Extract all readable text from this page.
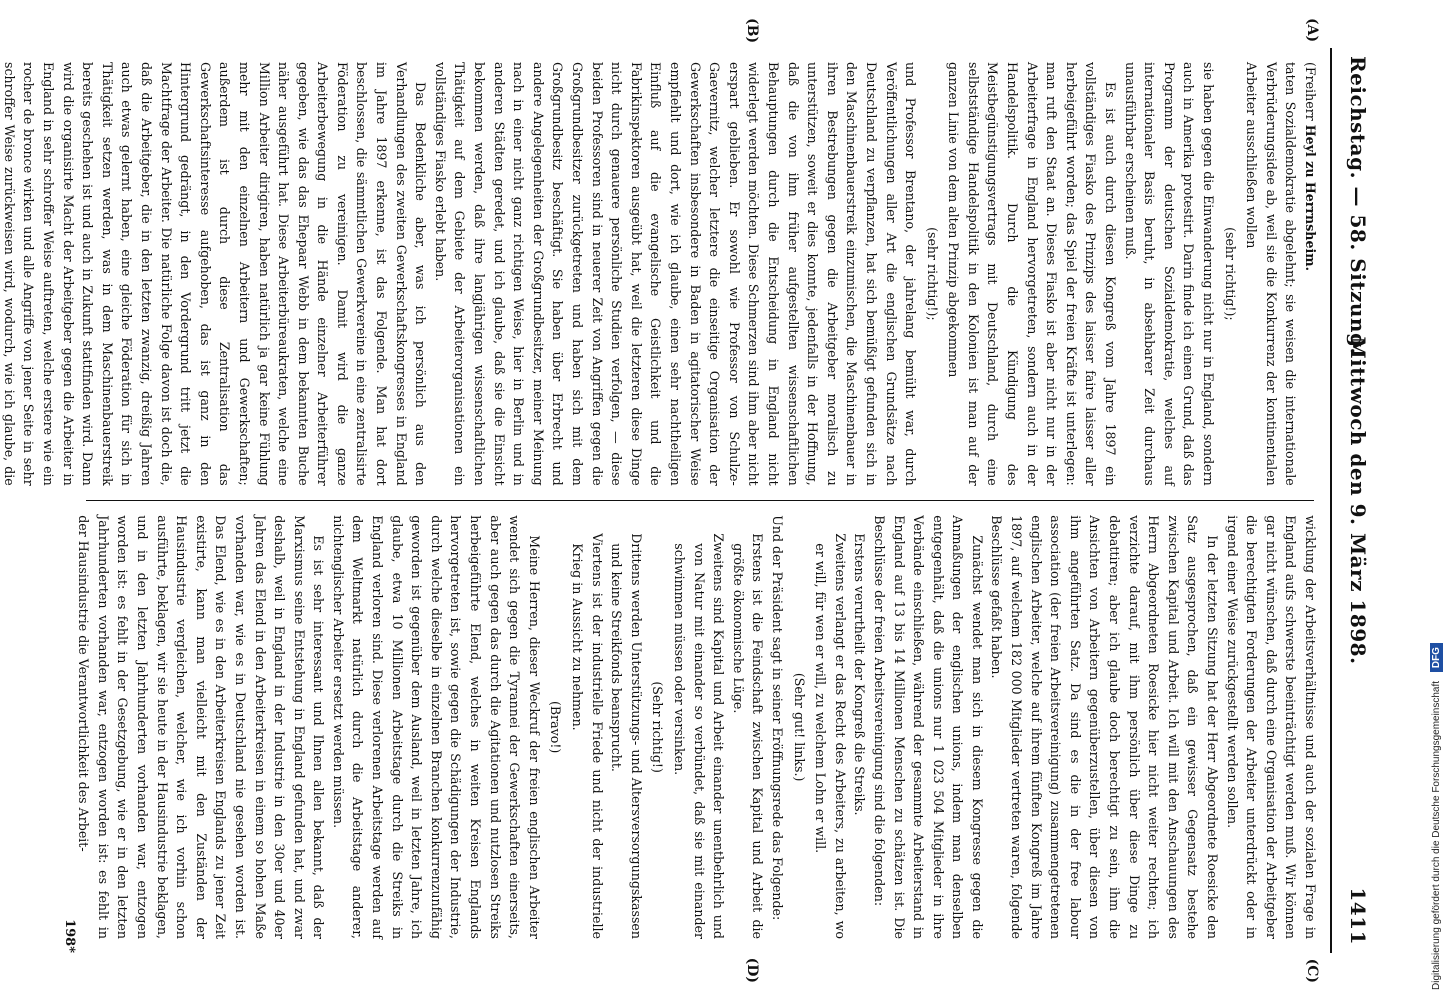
Reichstag. — 58. Sitzung.
Mittwoch den 9. März 1898.
1411
(A)
(B)
(C)
(D)

(Freiherr Heyl zu Herrnsheim.

taten Sozialdemokratie abgelehnt; sie weisen die internationale Verbrüderungsidee ab, weil sie die Konkurrenz der kontinentalen Arbeiter ausschließen wollen

(sehr richtig!);

sie haben gegen die Einwanderung nicht nur in England, sondern auch in Amerika protestirt. Darin finde ich einen Grund, daß das Programm der deutschen Sozialdemokratie, welches auf internationaler Basis beruht, in absehbarer Zeit durchaus unausführbar erscheinen muß.

Es ist auch durch diesen Kongreß vom Jahre 1897 ein vollständiges Fiasko des Prinzips des laisser faire laisser aller herbeigeführt worden; das Spiel der freien Kräfte ist unterlegen: man ruft den Staat an. Dieses Fiasko ist aber nicht nur in der Arbeiterfrage in England hervorgetreten, sondern auch in der Handelspolitik. Durch die Kündigung des Meistbegünstigungsvertrags mit Deutschland, durch eine selbstständige Handelspolitik in den Kolonien ist man auf der ganzen Linie von dem alten Prinzip abgekommen

(sehr richtig!);

und Professor Brentano, der jahrelang bemüht war, durch Veröffentlichungen aller Art die englischen Grundsätze nach Deutschland zu verpflanzen, hat sich bemüßigt gefunden sich in den Maschinenbauerstreik einzumischen, die Maschinenbauer in ihren Bestrebungen gegen die Arbeitgeber moralisch zu unterstützen, soweit er dies konnte, jedenfalls in der Hoffnung, daß die von ihm früher aufgestellten wissenschaftlichen Behauptungen durch die Entscheidung in England nicht widerlegt werden möchten. Diese Schmerzen sind ihm aber nicht erspart geblieben. Er sowohl wie Professor von Schulze-Gaevernitz, welcher letztere die einseitige Organisation der Gewerkschaften insbesondere in Baden in agitatorischer Weise empfiehlt und dort, wie ich glaube, einen sehr nachtheiligen Einfluß auf die evangelische Geistlichkeit und die Fabrikinspektoren ausgeübt hat, weil die letzteren diese Dinge nicht durch genauere persönliche Studien verfolgen, — diese beiden Professoren sind in neuerer Zeit von Angriffen gegen die Großgrundbesitzer zurückgetreten und haben sich mit dem Großgrundbesitz beschäftigt. Sie haben über Erbrecht und andere Angelegenheiten der Großgrundbesitzer, meiner Meinung nach in einer nicht ganz richtigen Weise, hier in Berlin und in anderen Städten geredet, und ich glaube, daß sie die Einsicht bekommen werden, daß ihre langjährigen wissenschaftlichen Thätigkeit auf dem Gebiete der Arbeiterorganisationen ein vollständiges Fiasko erlebt haben.

Das Bedenkliche aber, was ich persönlich aus den Verhandlungen des zweiten Gewerkschaftskongresses in England im Jahre 1897 erkenne, ist das Folgende. Man hat dort beschlossen, die sämmtlichen Gewerkvereine in eine zentralisirte Föderation zu vereinigen. Damit wird die ganze Arbeiterbewegung in die Hände einzelner Arbeiterführer gegeben, wie das das Ehepaar Webb in dem bekannten Buche näher ausgeführt hat. Diese Arbeiterbüreaukraten, welche eine Million Arbeiter dirigiren, haben natürlich ja gar keine Fühlung mehr mit den einzelnen Arbeitern und Gewerkschaften; außerdem ist durch diese Zentralisation das Gewerkschaftsinteresse aufgehoben, das ist ganz in den Hintergrund gedrängt, in den Vordergrund tritt jetzt die Machtfrage der Arbeiter. Die natürliche Folge davon ist doch die, daß die Arbeitgeber, die in den letzten zwanzig, dreißig Jahren auch etwas gelernt haben, eine gleiche Föderation für sich in Thätigkeit setzen werden, was in dem Maschinenbauerstreik bereits geschehen ist und auch in Zukunft stattfinden wird. Dann wird die organisirte Macht der Arbeitgeber gegen die Arbeiter in England in sehr schroffer Weise auftreten, welche erstere wie ein rocher de bronce wirken und alle Angriffe von jener Seite in sehr schroffer Weise zurückweisen wird, wodurch, wie ich glaube, die

wicklung der Arbeitsverhältnisse und auch der sozialen Frage in England aufs schwerste beeinträchtigt werden muß. Wir können gar nicht wünschen, daß durch eine Organisation der Arbeitgeber die berechtigten Forderungen der Arbeiter unterdrückt oder in irgend einer Weise zurückgestellt werden sollen.

In der letzten Sitzung hat der Herr Abgeordnete Roesicke den Satz ausgesprochen, daß ein gewisser Gegensatz bestehe zwischen Kapital und Arbeit. Ich will mit den Anschauungen des Herrn Abgeordneten Roesicke hier nicht weiter rechten; ich verzichte darauf, mit ihm persönlich über diese Dinge zu debattiren; aber ich glaube doch berechtigt zu sein, ihm die Ansichten von Arbeitern gegenüberzustellen, über diesen von ihm angeführten Satz. Da sind es die in der free labour association (der freien Arbeitsvereinigung) zusammengetretenen englischen Arbeiter, welche auf ihrem fünften Kongreß im Jahre 1897, auf welchem 182 000 Mitglieder vertreten waren, folgende Beschlüsse gefaßt haben.

Zunächst wendet man sich in diesem Kongresse gegen die Anmaßungen der englischen unions, indem man denselben entgegenhält, daß die unions nur 1 023 504 Mitglieder in ihre Verbände einschließen, während der gesammte Arbeiterstand in England auf 13 bis 14 Millionen Menschen zu schätzen ist. Die Beschlüsse der freien Arbeitsvereinigung sind die folgenden:

Erstens verurtheilt der Kongreß die Streiks.

Zweitens verlangt er das Recht des Arbeiters, zu arbeiten, wo er will, für wen er will, zu welchem Lohn er will.

(Sehr gut! links.)

Und der Präsident sagt in seiner Eröffnungsrede das Folgende:

Erstens ist die Feindschaft zwischen Kapital und Arbeit die größte ökonomische Lüge.

Zweitens sind Kapital und Arbeit einander unentbehrlich und von Natur mit einander so verbündet, daß sie mit einander schwimmen müssen oder versinken.

(Sehr richtig!)

Drittens werden Unterstützungs- und Altersversorgungskassen und keine Streikfonds beansprucht.

Viertens ist der industrielle Friede und nicht der industrielle Krieg in Aussicht zu nehmen.

(Bravo!)

Meine Herren, dieser Weckruf der freien englischen Arbeiter wendet sich gegen die Tyrannei der Gewerkschaften einerseits, aber auch gegen das durch die Agitationen und nutzlosen Streiks herbeigeführte Elend, welches in weiten Kreisen Englands hervorgetreten ist, sowie gegen die Schädigungen der Industrie, durch welche dieselbe in einzelnen Branchen konkurrenzunfähig geworden ist gegenüber dem Ausland, weil in letzten Jahre, ich glaube, etwa 10 Millionen Arbeitstage durch die Streiks in England verloren sind. Diese verlorenen Arbeitstage werden auf dem Weltmarkt natürlich durch die Arbeitstage anderer, nichtenglischer Arbeiter ersetzt werden müssen.

Es ist sehr interessant und Ihnen allen bekannt, daß der Marxismus seine Entstehung in England gefunden hat, und zwar deshalb, weil in England in der Industrie in den 30er und 40er Jahren das Elend in den Arbeiterkreisen in einem so hohen Maße vorhanden war, wie es in Deutschland nie gesehen worden ist. Das Elend, wie es in den Arbeiterkreisen Englands zu jener Zeit existirte, kann man vielleicht mit den Zuständen der Hausindustrie vergleichen, welcher, wie ich vorhin schon ausführte, beklagen, wir sie heute in der Hausindustrie beklagen, und in den letzten Jahrhunderten vorhanden war, entzogen worden ist: es fehlt in der Gesetzgebung, wie er in den letzten Jahrhunderten vorhanden war, entzogen worden ist: es fehlt in der Hausindustrie die Verantwortlichkeit des Arbeit-

198*	Digitalisierung gefördert durch die Deutsche Forschungsgemeinschaft DFG
